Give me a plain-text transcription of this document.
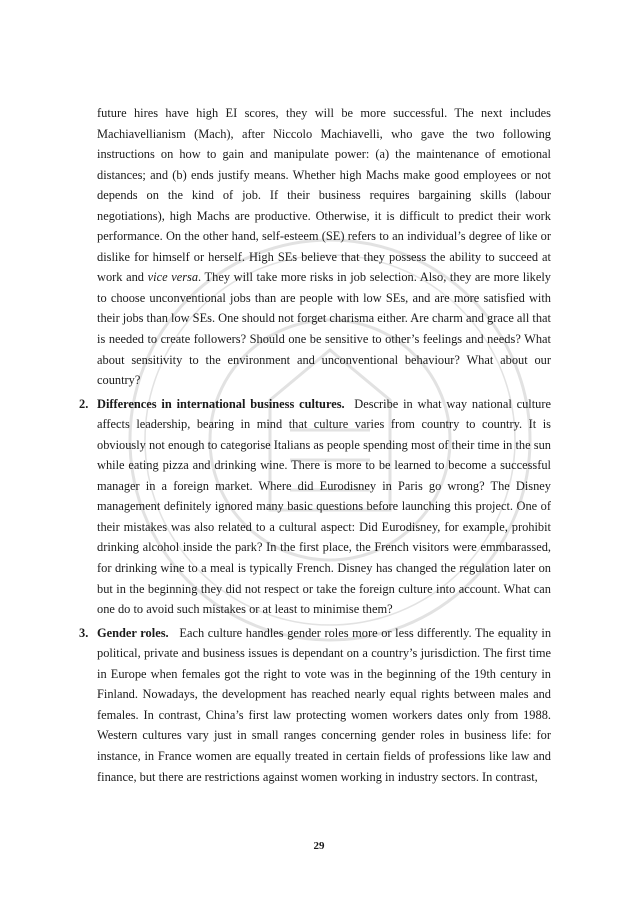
future hires have high EI scores, they will be more successful. The next includes Machiavellianism (Mach), after Niccolo Machiavelli, who gave the two following instructions on how to gain and manipulate power: (a) the maintenance of emotional distances; and (b) ends justify means. Whether high Machs make good employees or not depends on the kind of job. If their business requires bargaining skills (labour negotiations), high Machs are productive. Otherwise, it is difficult to predict their work performance. On the other hand, self-esteem (SE) refers to an individual’s degree of like or dislike for himself or herself. High SEs believe that they possess the ability to succeed at work and vice versa. They will take more risks in job selection. Also, they are more likely to choose unconventional jobs than are people with low SEs, and are more satisfied with their jobs than low SEs. One should not forget charisma either. Are charm and grace all that is needed to create followers? Should one be sensitive to other’s feelings and needs? What about sensitivity to the environment and unconventional behaviour? What about our country?

2. Differences in international business cultures. Describe in what way national culture affects leadership, bearing in mind that culture varies from country to country. It is obviously not enough to categorise Italians as people spending most of their time in the sun while eating pizza and drinking wine. There is more to be learned to become a successful manager in a foreign market. Where did Eurodisney in Paris go wrong? The Disney management definitely ignored many basic questions before launching this project. One of their mistakes was also related to a cultural aspect: Did Eurodisney, for example, prohibit drinking alcohol inside the park? In the first place, the French visitors were emmbarassed, for drinking wine to a meal is typically French. Disney has changed the regulation later on but in the beginning they did not respect or take the foreign culture into account. What can one do to avoid such mistakes or at least to minimise them?

3. Gender roles. Each culture handles gender roles more or less differently. The equality in political, private and business issues is dependant on a country’s jurisdiction. The first time in Europe when females got the right to vote was in the beginning of the 19th century in Finland. Nowadays, the development has reached nearly equal rights between males and females. In contrast, China’s first law protecting women workers dates only from 1988. Western cultures vary just in small ranges concerning gender roles in business life: for instance, in France women are equally treated in certain fields of professions like law and finance, but there are restrictions against women working in industry sectors. In contrast,

29
